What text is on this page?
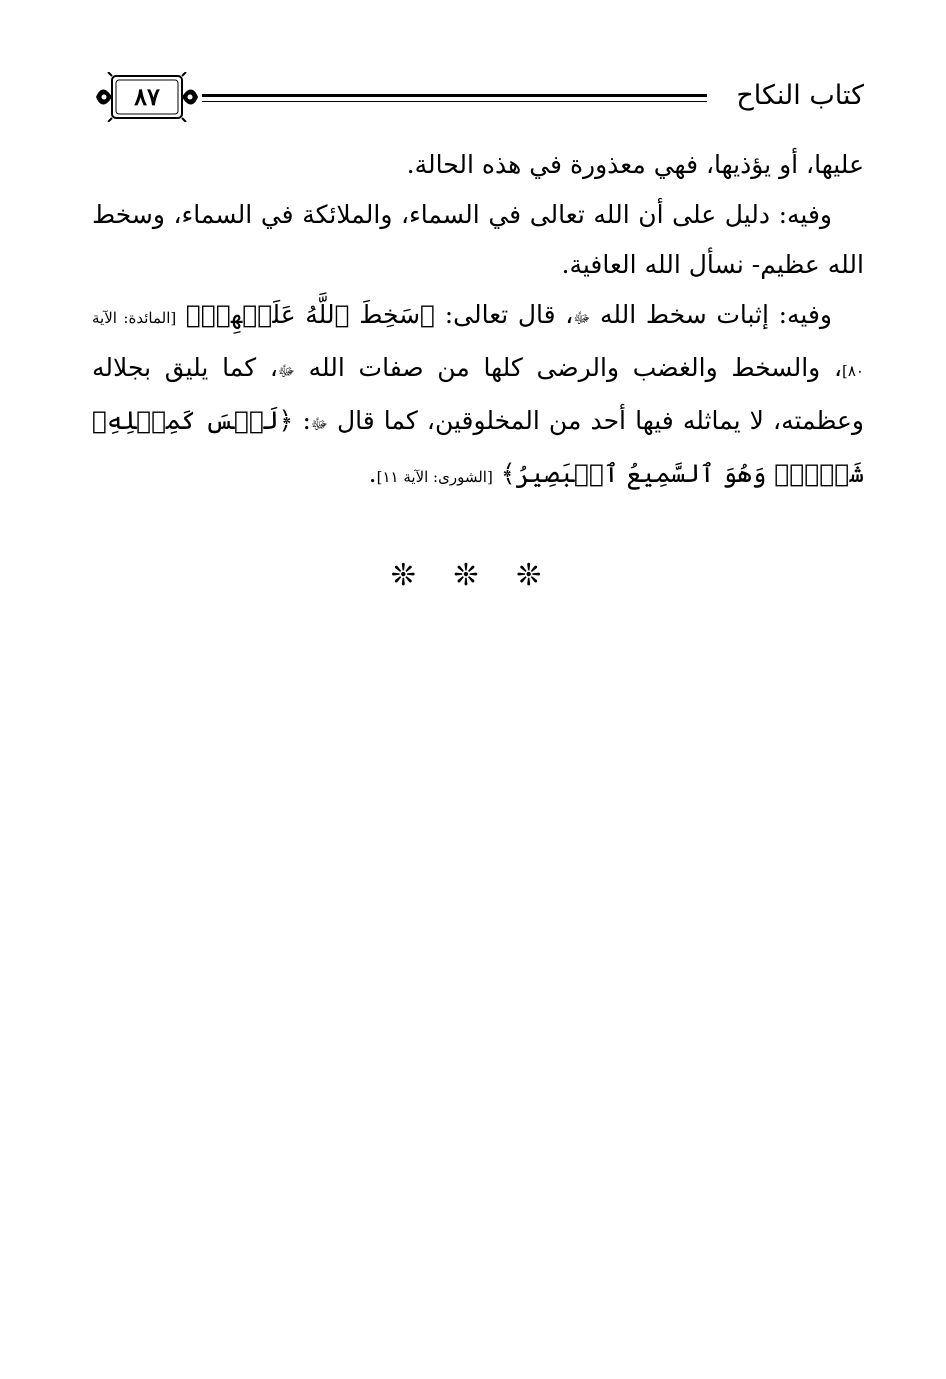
كتاب النكاح
٨٧

عليها، أو يؤذيها، فهي معذورة في هذه الحالة.

وفيه: دليل على أن الله تعالى في السماء، والملائكة في السماء، وسخط الله عظيم- نسأل الله العافية.

وفيه: إثبات سخط الله ﷻ، قال تعالى: ﴿سَخِطَ ٱللَّهُ عَلَيۡهِمۡ﴾ [المائدة: الآية ٨٠]، والسخط والغضب والرضى كلها من صفات الله ﷻ، كما يليق بجلاله وعظمته، لا يماثله فيها أحد من المخلوقين، كما قال ﷻ: ﴿لَيۡسَ كَمِثۡلِهِۦ شَيۡءٞۖ وَهُوَ ٱلسَّمِيعُ ٱلۡبَصِيرُ﴾ [الشورى: الآية ١١].

❊ ❊ ❊
